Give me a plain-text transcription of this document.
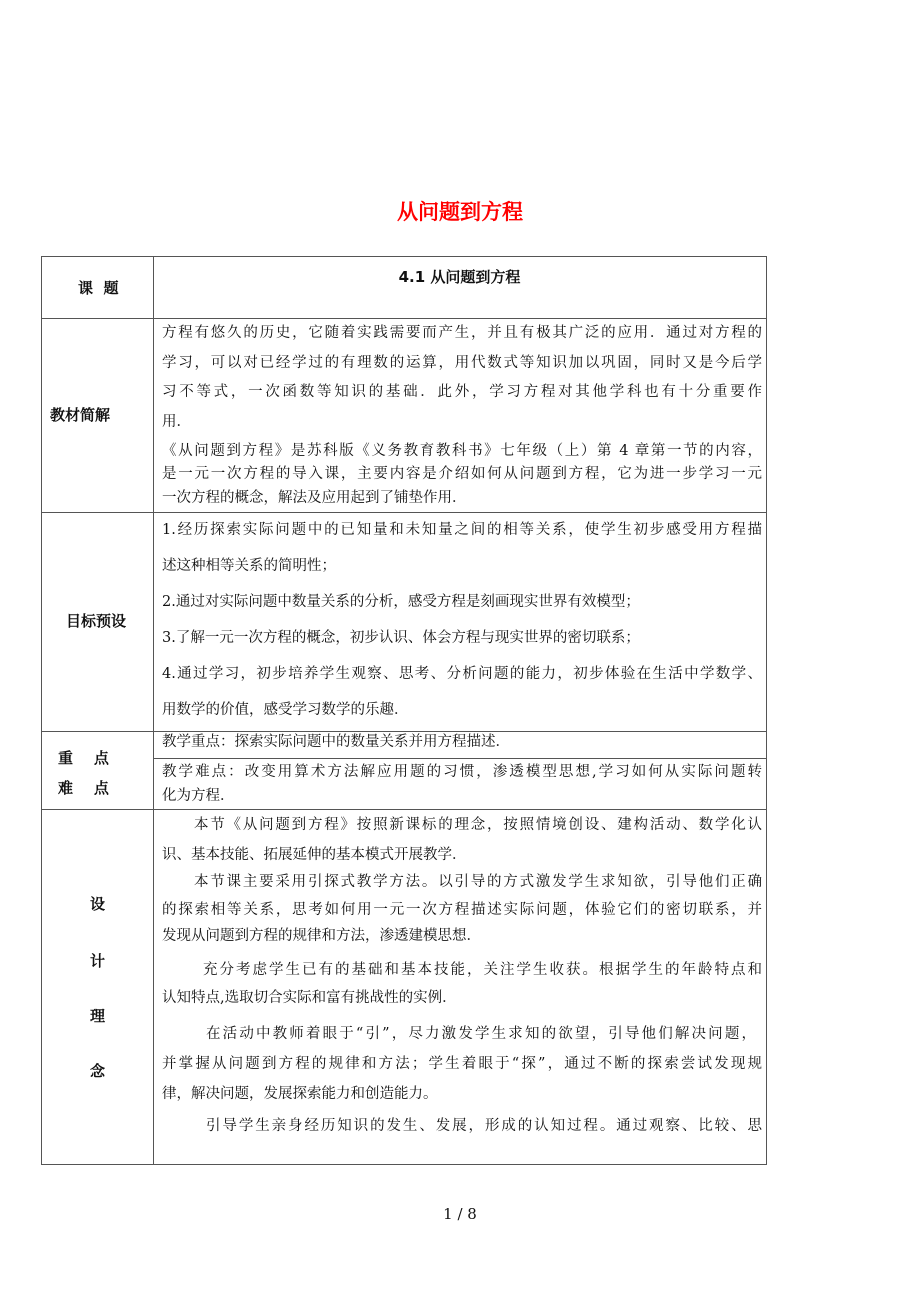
从问题到方程
课  题
4.1 从问题到方程
教材简解
方程有悠久的历史，它随着实践需要而产生，并且有极其广泛的应用．通过对方程的
学习，可以对已经学过的有理数的运算，用代数式等知识加以巩固，同时又是今后学
习不等式，一次函数等知识的基础．此外，学习方程对其他学科也有十分重要作
用．
《从问题到方程》是苏科版《义务教育教科书》七年级（上）第 4 章第一节的内容，
是一元一次方程的导入课，主要内容是介绍如何从问题到方程，它为进一步学习一元
一次方程的概念，解法及应用起到了铺垫作用．
目标预设
1.经历探索实际问题中的已知量和未知量之间的相等关系，使学生初步感受用方程描
述这种相等关系的简明性；
2.通过对实际问题中数量关系的分析，感受方程是刻画现实世界有效模型；
3.了解一元一次方程的概念，初步认识、体会方程与现实世界的密切联系；
4.通过学习，初步培养学生观察、思考、分析问题的能力，初步体验在生活中学数学、
用数学的价值，感受学习数学的乐趣．
重    点
难    点
教学重点：探索实际问题中的数量关系并用方程描述．
教学难点：改变用算术方法解应用题的习惯，渗透模型思想,学习如何从实际问题转
化为方程．
设
计
理
念
本节《从问题到方程》按照新课标的理念，按照情境创设、建构活动、数学化认
识、基本技能、拓展延伸的基本模式开展教学．
本节课主要采用引探式教学方法。以引导的方式激发学生求知欲，引导他们正确
的探索相等关系，思考如何用一元一次方程描述实际问题，体验它们的密切联系，并
发现从问题到方程的规律和方法，渗透建模思想．
充分考虑学生已有的基础和基本技能，关注学生收获。根据学生的年龄特点和
认知特点,选取切合实际和富有挑战性的实例．
在活动中教师着眼于“引”，尽力激发学生求知的欲望，引导他们解决问题，
并掌握从问题到方程的规律和方法；学生着眼于“探”，通过不断的探索尝试发现规
律，解决问题，发展探索能力和创造能力。
引导学生亲身经历知识的发生、发展，形成的认知过程。通过观察、比较、思
1 / 8
